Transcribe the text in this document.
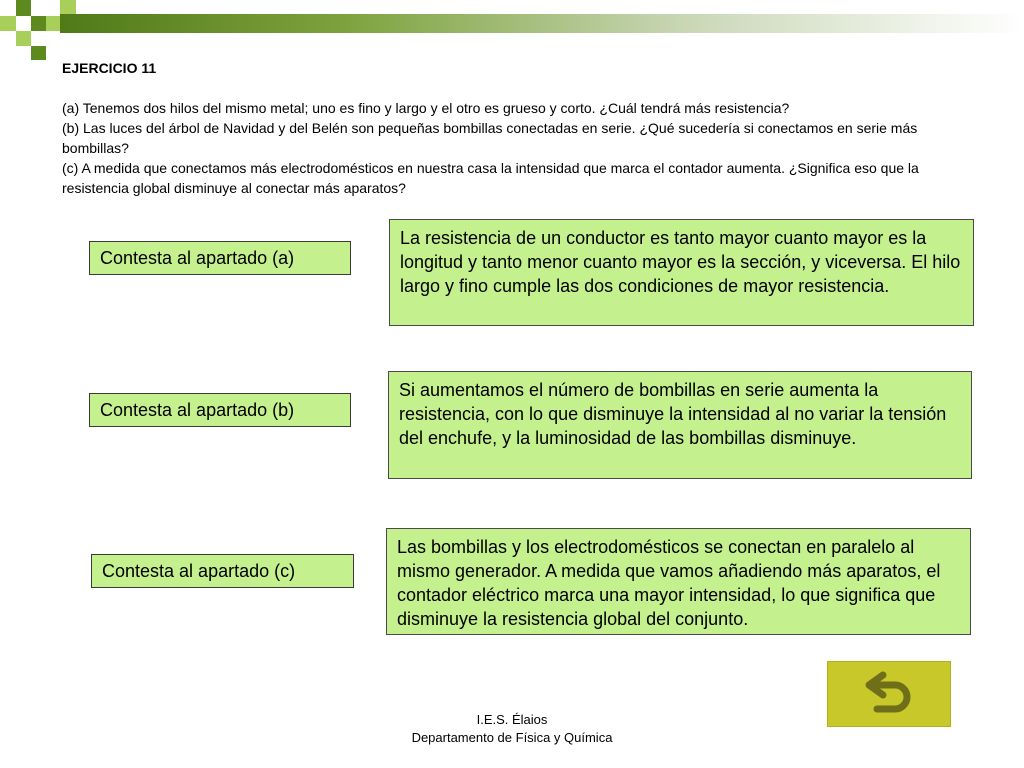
EJERCICIO 11
(a) Tenemos dos hilos del mismo metal; uno es fino y largo y el otro es grueso y corto. ¿Cuál tendrá más resistencia?
(b) Las luces del árbol de Navidad y del Belén son pequeñas bombillas conectadas en serie. ¿Qué sucedería si conectamos en serie más bombillas?
(c) A medida que conectamos más electrodomésticos en nuestra casa la intensidad que marca el contador aumenta. ¿Significa eso que la resistencia global disminuye al conectar más aparatos?
Contesta al apartado (a)
Contesta al apartado (b)
Contesta al apartado (c)
La resistencia de un conductor es tanto mayor cuanto mayor es la longitud y tanto menor cuanto mayor es la sección, y viceversa. El hilo largo y fino cumple las dos condiciones de mayor resistencia.
Si aumentamos el número de bombillas en serie aumenta la resistencia, con lo que disminuye la intensidad al no variar la tensión del enchufe, y la luminosidad de las bombillas disminuye.
Las bombillas y los electrodomésticos se conectan en paralelo al mismo generador. A medida que vamos añadiendo más aparatos, el contador eléctrico marca una mayor intensidad, lo que significa que disminuye la resistencia global del conjunto.
I.E.S. Élaios
Departamento de Física y Química
